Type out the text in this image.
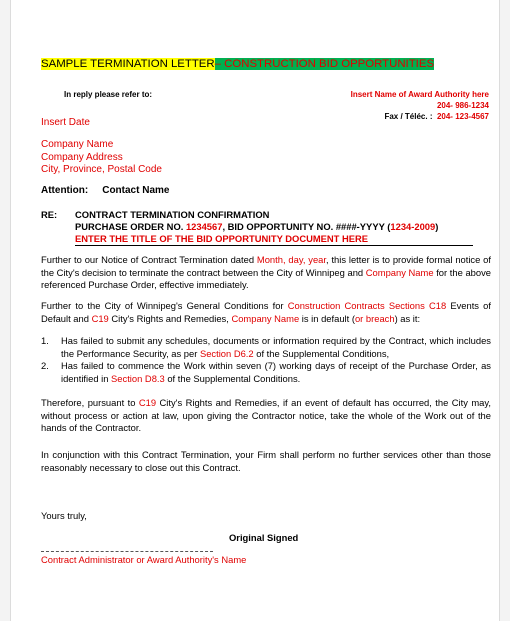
SAMPLE TERMINATION LETTER– CONSTRUCTION BID OPPORTUNITIES
In reply please refer to:	Insert Name of Award Authority here
204- 986-1234
Fax / Téléc. : 204- 123-4567
Insert Date
Company Name
Company Address
City, Province, Postal Code
Attention: Contact Name
RE: CONTRACT TERMINATION CONFIRMATION
PURCHASE ORDER NO. 1234567, BID OPPORTUNITY NO. ####-YYYY (1234-2009)
ENTER THE TITLE OF THE BID OPPORTUNITY DOCUMENT HERE
Further to our Notice of Contract Termination dated Month, day, year, this letter is to provide formal notice of the City's decision to terminate the contract between the City of Winnipeg and Company Name for the above referenced Purchase Order, effective immediately.
Further to the City of Winnipeg's General Conditions for Construction Contracts Sections C18 Events of Default and C19 City's Rights and Remedies, Company Name is in default (or breach) as it:
1.	Has failed to submit any schedules, documents or information required by the Contract, which includes the Performance Security, as per Section D6.2 of the Supplemental Conditions,
2.	Has failed to commence the Work within seven (7) working days of receipt of the Purchase Order, as identified in Section D8.3 of the Supplemental Conditions.
Therefore, pursuant to C19 City's Rights and Remedies, if an event of default has occurred, the City may, without process or action at law, upon giving the Contractor notice, take the whole of the Work out of the hands of the Contractor.
In conjunction with this Contract Termination, your Firm shall perform no further services other than those reasonably necessary to close out this Contract.
Yours truly,
Original Signed
Contract Administrator or Award Authority's Name
